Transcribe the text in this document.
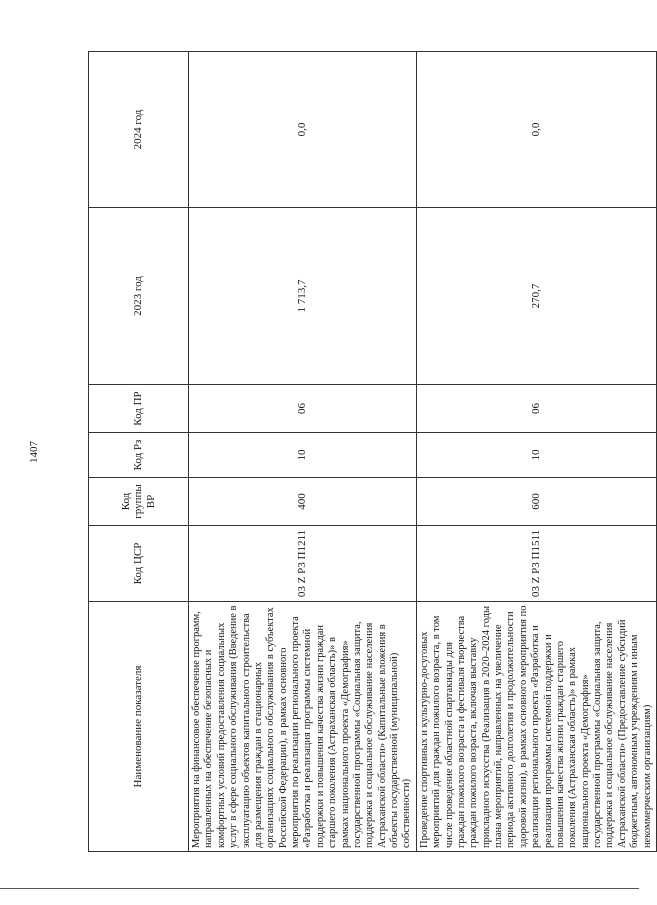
1407
Наименование показателя	Код ЦСР	Код группы ВР	Код Рз	Код ПР	2023 год	2024 год
Мероприятия на финансовое обеспечение программ, направленных на обеспечение безопасных и комфортных условий предоставления социальных услуг в сфере социального обслуживания (Введение в эксплуатацию объектов капитального строительства для размещения граждан в стационарных организациях социального обслуживания в субъектах Российской Федерации), в рамках основного мероприятия по реализации регионального проекта «Разработка и реализация программы системной поддержки и повышения качества жизни граждан старшего поколения (Астраханская область)» в рамках национального проекта «Демография» государственной программы «Социальная защита, поддержка и социальное обслуживание населения Астраханской области» (Капитальные вложения в объекты государственной (муниципальной) собственности)	03 Z P3 П1211	400	10	06	1 713,7	0,0
Проведение спортивных и культурно-досуговых мероприятий для граждан пожилого возраста, в том числе проведение областной спартакиады для граждан пожилого возраста и фестиваля творчества граждан пожилого возраста, включая выставку прикладного искусства (Реализация в 2020–2024 годы плана мероприятий, направленных на увеличение периода активного долголетия и продолжительности здоровой жизни), в рамках основного мероприятия по реализации регионального проекта «Разработка и реализация программы системной поддержки и повышения качества жизни граждан старшего поколения (Астраханская область)» в рамках национального проекта «Демография» государственной программы «Социальная защита, поддержка и социальное обслуживание населения Астраханской области» (Предоставление субсидий бюджетным, автономным учреждениям и иным некоммерческим организациям)	03 Z P3 П1511	600	10	06	270,7	0,0
